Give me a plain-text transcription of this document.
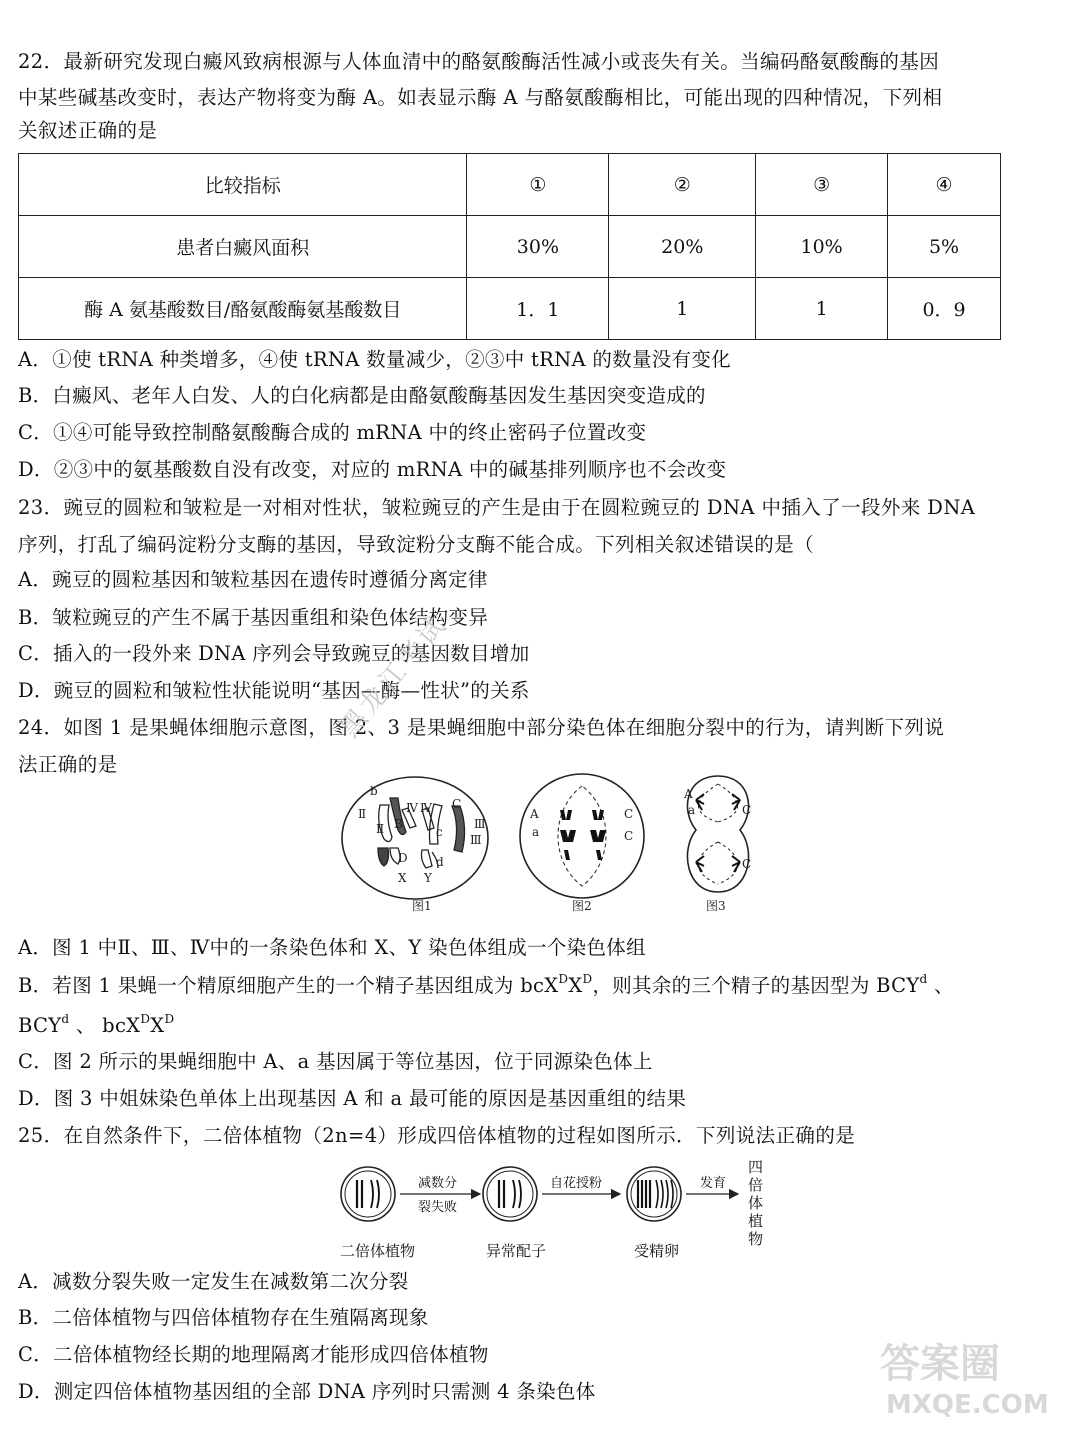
22．最新研究发现白癜风致病根源与人体血清中的酪氨酸酶活性减小或丧失有关。当编码酪氨酸酶的基因
中某些碱基改变时，表达产物将变为酶 A。如表显示酶 A 与酪氨酸酶相比，可能出现的四种情况，下列相
关叙述正确的是
比较指标	①	②	③	④
患者白癜风面积	30%	20%	10%	5%
酶 A 氨基酸数目/酪氨酸酶氨基酸数目	1．1	1	1	0．9
A．①使 tRNA 种类增多，④使 tRNA 数量减少，②③中 tRNA 的数量没有变化
B．白癜风、老年人白发、人的白化病都是由酪氨酸酶基因发生基因突变造成的
C．①④可能导致控制酪氨酸酶合成的 mRNA 中的终止密码子位置改变
D．②③中的氨基酸数自没有改变，对应的 mRNA 中的碱基排列顺序也不会改变
23．豌豆的圆粒和皱粒是一对相对性状，皱粒豌豆的产生是由于在圆粒豌豆的 DNA 中插入了一段外来 DNA
序列，打乱了编码淀粉分支酶的基因，导致淀粉分支酶不能合成。下列相关叙述错误的是（
A．豌豆的圆粒基因和皱粒基因在遗传时遵循分离定律
B．皱粒豌豆的产生不属于基因重组和染色体结构变异
C．插入的一段外来 DNA 序列会导致豌豆的基因数目增加
D．豌豆的圆粒和皱粒性状能说明“基因—酶—性状”的关系
24．如图 1 是果蝇体细胞示意图，图 2、3 是果蝇细胞中部分染色体在细胞分裂中的行为，请判断下列说
法正确的是
b
Ⅱ
Ⅱ
Ⅳ Ⅳ
B
C
c
Ⅲ
Ⅲ
D d
X Y
图1
A
a
C
C
图2
A
a	C
C
图3
A．图 1 中Ⅱ、Ⅲ、Ⅳ中的一条染色体和 X、Y 染色体组成一个染色体组
B．若图 1 果蝇一个精原细胞产生的一个精子基因组成为 $bcX^DX^D$，则其余的三个精子的基因型为 BCY$^d$ 、
BCY$^d$ 、 $bcX^DX^D$
C．图 2 所示的果蝇细胞中 A、a 基因属于等位基因，位于同源染色体上
D．图 3 中姐妹染色单体上出现基因 A 和 a 最可能的原因是基因重组的结果
25．在自然条件下，二倍体植物（2n=4）形成四倍体植物的过程如图所示．下列说法正确的是
二倍体植物
减数分
裂失败
异常配子
自花授粉
受精卵
发育
四
倍
体
植
物
A．减数分裂失败一定发生在减数第二次分裂
B．二倍体植物与四倍体植物存在生殖隔离现象
C．二倍体植物经长期的地理隔离才能形成四倍体植物
D．测定四倍体植物基因组的全部 DNA 序列时只需测 4 条染色体
黑龙江考试
答案圈
MXQE.COM
